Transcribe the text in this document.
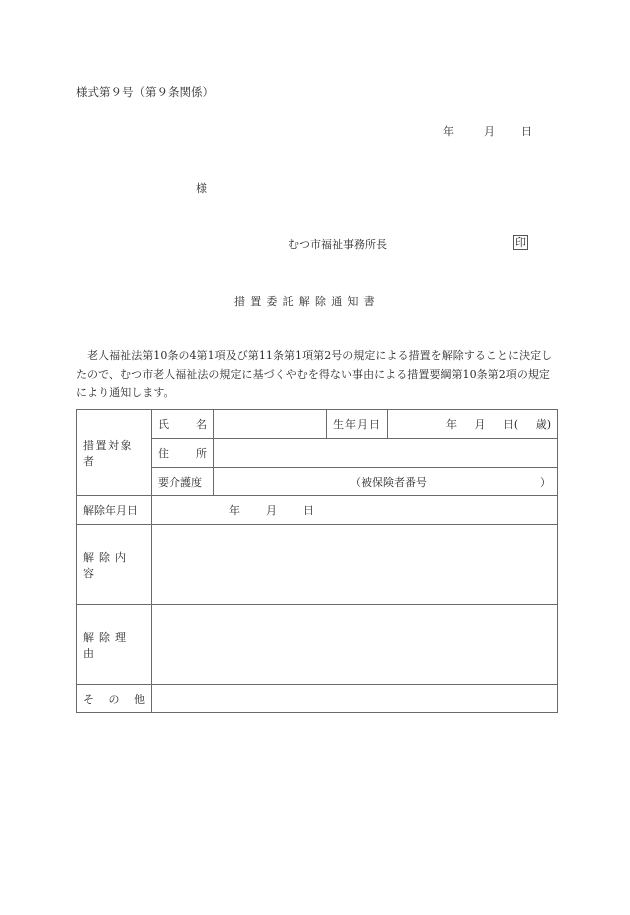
様式第９号（第９条関係）
年	月 日
様
むつ市福祉事務所長	印
措置委託解除通知書
老人福祉法第10条の4第1項及び第11条第1項第2号の規定による措置を解除することに決定したので、むつ市老人福祉法の規定に基づくやむを得ない事由による措置要綱第10条第2項の規定により通知します。
措置対象者	氏 名		生年月日	年 月 日( 歳)

	住 所			

	要介護度	（被保険者番号 ）		

解除年月日	年 月 日			

解除内容				
解除理由				

そ の 他				
